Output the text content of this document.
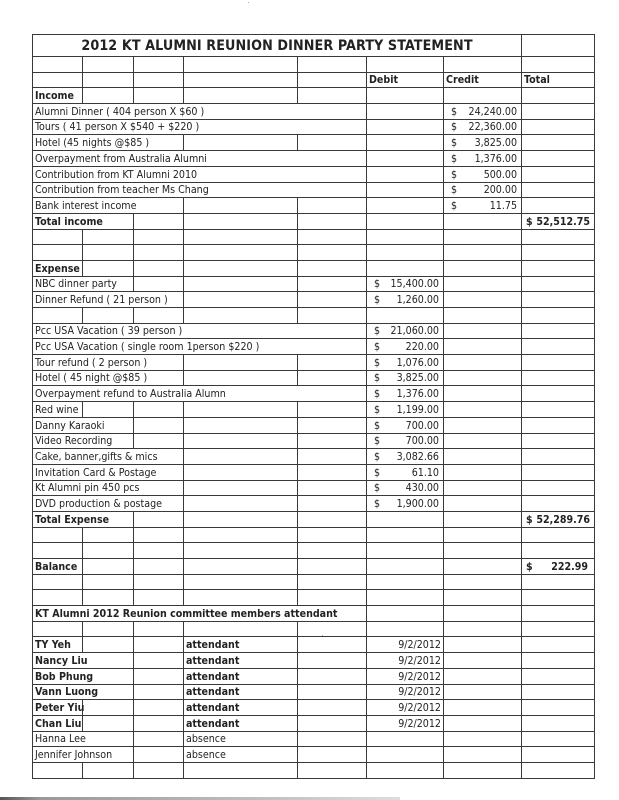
2012 KT ALUMNI REUNION DINNER PARTY STATEMENT							

					Debit	Credit	Total
Income							
Alumni Dinner ( 404 person X $60 )						$ 24,240.00	

Tours ( 41 person X $540 + $220 )						$ 22,360.00	

Hotel (45 nights @$85 )						$ 3,825.00	

Overpayment from Australia Alumni						$ 1,376.00	

Contribution from KT Alumni 2010						$ 500.00	

Contribution from teacher Ms Chang						$ 200.00	

Bank interest income						$ 11.75	

Total income							$ 52,512.75

Expense							
NBC dinner party					$ 15,400.00		

Dinner Refund ( 21 person )					$ 1,260.00		

Pcc USA Vacation ( 39 person )					$ 21,060.00		

Pcc USA Vacation ( single room 1person $220 )					$ 220.00		

Tour refund ( 2 person )					$ 1,076.00		

Hotel ( 45 night @$85 )					$ 3,825.00		

Overpayment refund to Australia Alumn					$ 1,376.00		

Red wine					$ 1,199.00		

Danny Karaoki					$ 700.00		

Video Recording					$ 700.00		

Cake, banner,gifts & mics					$ 3,082.66		

Invitation Card & Postage					$ 61.10		

Kt Alumni pin 450 pcs					$ 430.00		

DVD production & postage					$ 1,900.00		

Total Expense							$ 52,289.76

Balance							$ 222.99

KT Alumni 2012 Reunion committee members attendant							

TY Yeh			attendant		9/2/2012		
Nancy Liu			attendant		9/2/2012		
Bob Phung			attendant		9/2/2012		
Vann Luong			attendant		9/2/2012		
Peter Yiu			attendant		9/2/2012		
Chan Liu			attendant		9/2/2012		
Hanna Lee			absence				
Jennifer Johnson			absence				
